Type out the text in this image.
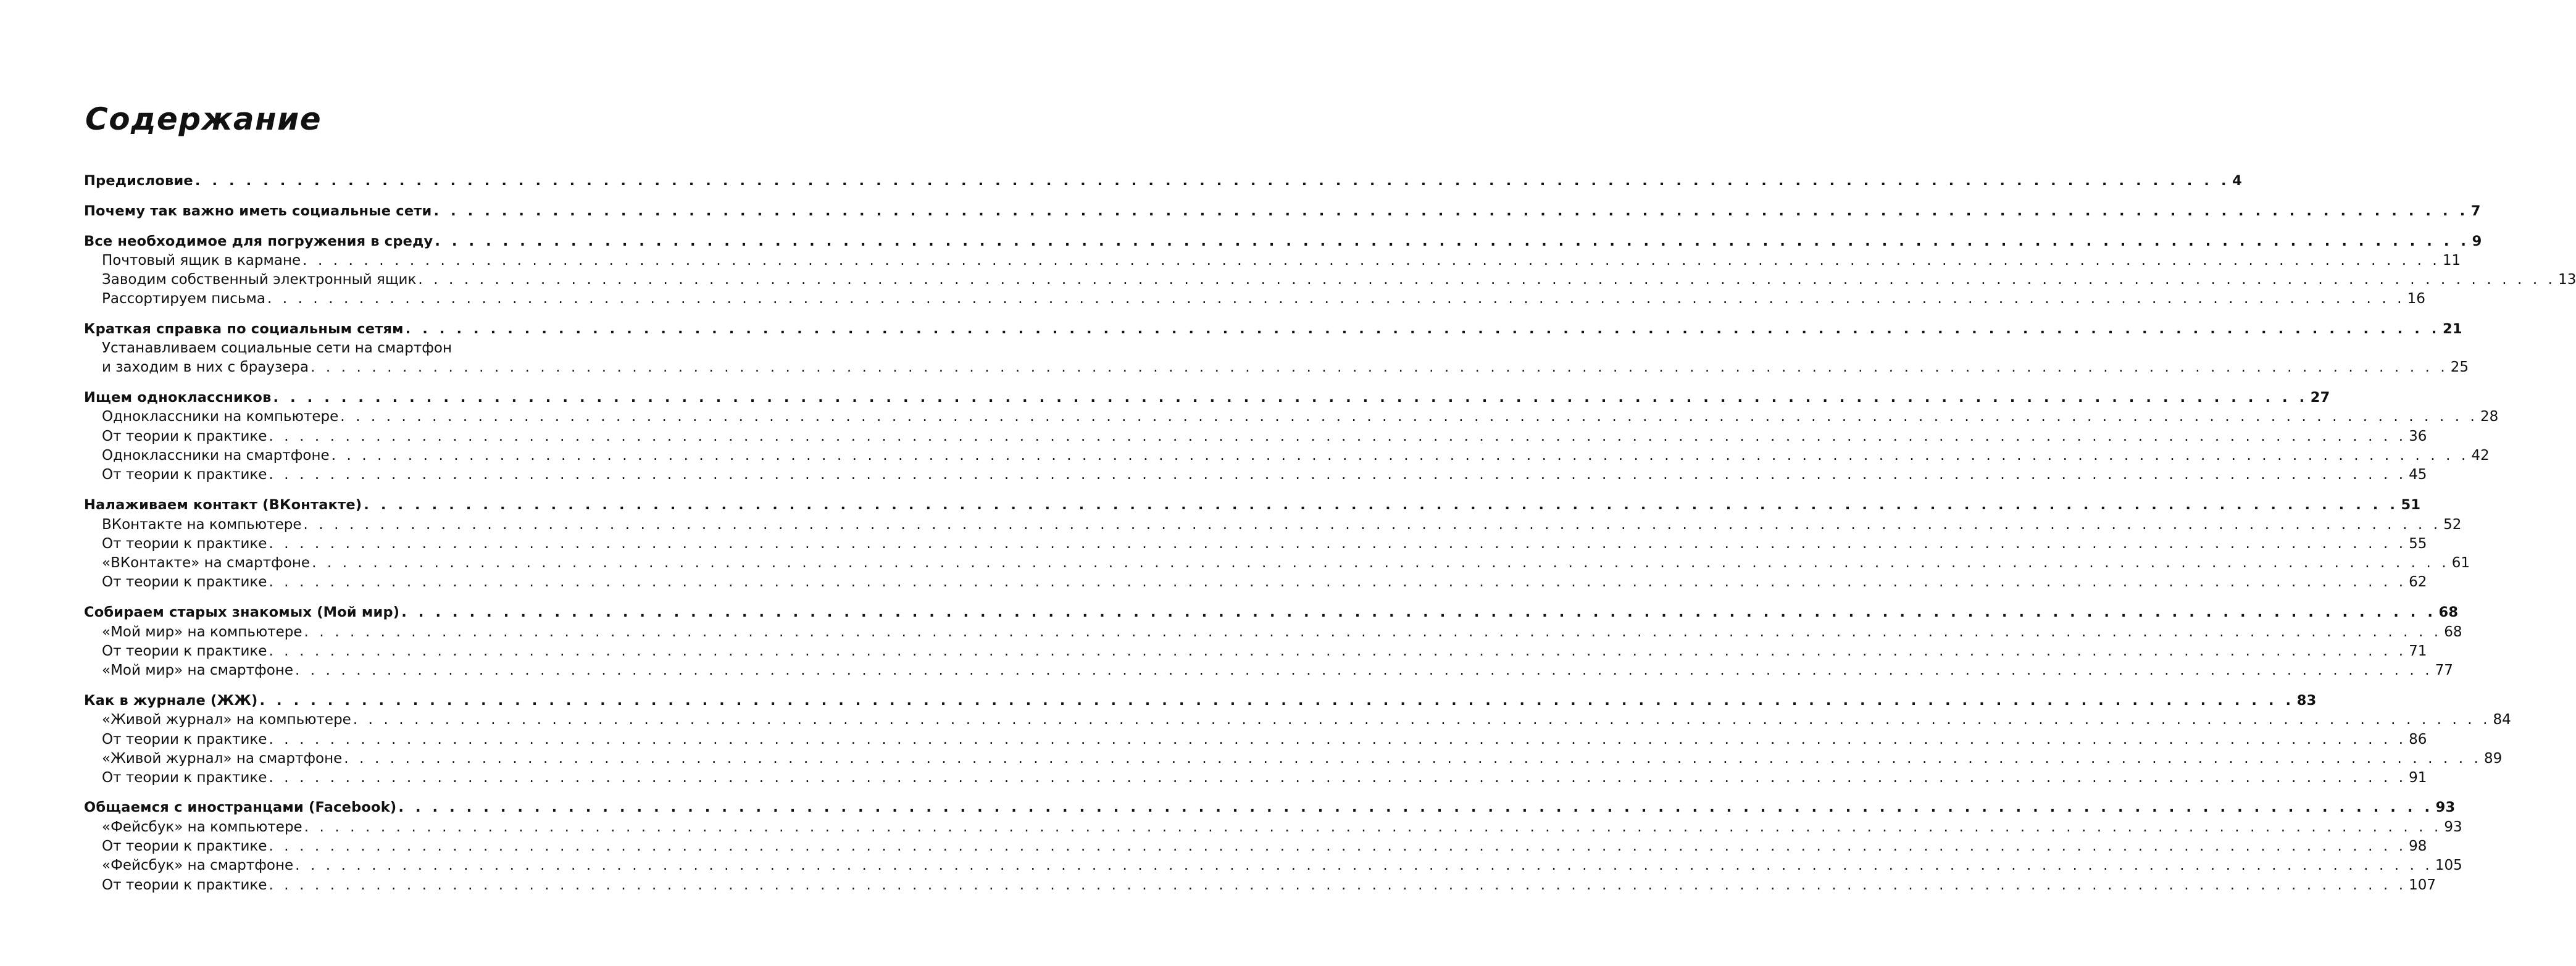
Содержание
Предисловие . . . . . . . . . . . . . . . . . . . . . . . . . . . . . . . . . . . . . . . . . . . . . . . . . . . . . . . . . . . . . . . . . . . . . . . . . . . . . . . . . . . . . . . . . . . . . . . . . . . . . . . . . . . . . . . . . . . . . . . . 4
Почему так важно иметь социальные сети . . . . . . . . . . . . . . . . . . . . . . . . . . . . . . . . . . . . . . . . . . . . . . . . . . . . . . . . . . . . . . . . . . . . . . . . . . . . . . . . . . . . . . . . . . . . . . . . . . . . . . . . . . . . . . . . . . . . . . . . 7
Все необходимое для погружения в среду . . . . . . . . . . . . . . . . . . . . . . . . . . . . . . . . . . . . . . . . . . . . . . . . . . . . . . . . . . . . . . . . . . . . . . . . . . . . . . . . . . . . . . . . . . . . . . . . . . . . . . . . . . . . . . . . . . . . . . . . 9
Почтовый ящик в кармане . . . . . . . . . . . . . . . . . . . . . . . . . . . . . . . . . . . . . . . . . . . . . . . . . . . . . . . . . . . . . . . . . . . . . . . . . . . . . . . . . . . . . . . . . . . . . . . . . . . . . . . . . . . . . . . . . . . . . . . . . . . . . . . . . . . . . . . . . . . . 11
Заводим собственный электронный ящик . . . . . . . . . . . . . . . . . . . . . . . . . . . . . . . . . . . . . . . . . . . . . . . . . . . . . . . . . . . . . . . . . . . . . . . . . . . . . . . . . . . . . . . . . . . . . . . . . . . . . . . . . . . . . . . . . . . . . . . . . . . . . . . . . . . . . . . . . . . . 13
Рассортируем письма . . . . . . . . . . . . . . . . . . . . . . . . . . . . . . . . . . . . . . . . . . . . . . . . . . . . . . . . . . . . . . . . . . . . . . . . . . . . . . . . . . . . . . . . . . . . . . . . . . . . . . . . . . . . . . . . . . . . . . . . . . . . . . . . . . . . . . . . . . . . 16
Краткая справка по социальным сетям . . . . . . . . . . . . . . . . . . . . . . . . . . . . . . . . . . . . . . . . . . . . . . . . . . . . . . . . . . . . . . . . . . . . . . . . . . . . . . . . . . . . . . . . . . . . . . . . . . . . . . . . . . . . . . . . . . . . . . . . 21
Устанавливаем социальные сети на смартфон
и заходим в них с браузера . . . . . . . . . . . . . . . . . . . . . . . . . . . . . . . . . . . . . . . . . . . . . . . . . . . . . . . . . . . . . . . . . . . . . . . . . . . . . . . . . . . . . . . . . . . . . . . . . . . . . . . . . . . . . . . . . . . . . . . . . . . . . . . . . . . . . . . . . . . . 25
Ищем одноклассников . . . . . . . . . . . . . . . . . . . . . . . . . . . . . . . . . . . . . . . . . . . . . . . . . . . . . . . . . . . . . . . . . . . . . . . . . . . . . . . . . . . . . . . . . . . . . . . . . . . . . . . . . . . . . . . . . . . . . . . . 27
Одноклассники на компьютере . . . . . . . . . . . . . . . . . . . . . . . . . . . . . . . . . . . . . . . . . . . . . . . . . . . . . . . . . . . . . . . . . . . . . . . . . . . . . . . . . . . . . . . . . . . . . . . . . . . . . . . . . . . . . . . . . . . . . . . . . . . . . . . . . . . . . . . . . . . . 28
От теории к практике . . . . . . . . . . . . . . . . . . . . . . . . . . . . . . . . . . . . . . . . . . . . . . . . . . . . . . . . . . . . . . . . . . . . . . . . . . . . . . . . . . . . . . . . . . . . . . . . . . . . . . . . . . . . . . . . . . . . . . . . . . . . . . . . . . . . . . . . . . . . 36
Одноклассники на смартфоне . . . . . . . . . . . . . . . . . . . . . . . . . . . . . . . . . . . . . . . . . . . . . . . . . . . . . . . . . . . . . . . . . . . . . . . . . . . . . . . . . . . . . . . . . . . . . . . . . . . . . . . . . . . . . . . . . . . . . . . . . . . . . . . . . . . . . . . . . . . . 42
От теории к практике . . . . . . . . . . . . . . . . . . . . . . . . . . . . . . . . . . . . . . . . . . . . . . . . . . . . . . . . . . . . . . . . . . . . . . . . . . . . . . . . . . . . . . . . . . . . . . . . . . . . . . . . . . . . . . . . . . . . . . . . . . . . . . . . . . . . . . . . . . . . 45
Налаживаем контакт (ВКонтакте) . . . . . . . . . . . . . . . . . . . . . . . . . . . . . . . . . . . . . . . . . . . . . . . . . . . . . . . . . . . . . . . . . . . . . . . . . . . . . . . . . . . . . . . . . . . . . . . . . . . . . . . . . . . . . . . . . . . . . . . . 51
ВКонтакте на компьютере . . . . . . . . . . . . . . . . . . . . . . . . . . . . . . . . . . . . . . . . . . . . . . . . . . . . . . . . . . . . . . . . . . . . . . . . . . . . . . . . . . . . . . . . . . . . . . . . . . . . . . . . . . . . . . . . . . . . . . . . . . . . . . . . . . . . . . . . . . . . 52
От теории к практике . . . . . . . . . . . . . . . . . . . . . . . . . . . . . . . . . . . . . . . . . . . . . . . . . . . . . . . . . . . . . . . . . . . . . . . . . . . . . . . . . . . . . . . . . . . . . . . . . . . . . . . . . . . . . . . . . . . . . . . . . . . . . . . . . . . . . . . . . . . . 55
«ВКонтакте» на смартфоне . . . . . . . . . . . . . . . . . . . . . . . . . . . . . . . . . . . . . . . . . . . . . . . . . . . . . . . . . . . . . . . . . . . . . . . . . . . . . . . . . . . . . . . . . . . . . . . . . . . . . . . . . . . . . . . . . . . . . . . . . . . . . . . . . . . . . . . . . . . . 61
От теории к практике . . . . . . . . . . . . . . . . . . . . . . . . . . . . . . . . . . . . . . . . . . . . . . . . . . . . . . . . . . . . . . . . . . . . . . . . . . . . . . . . . . . . . . . . . . . . . . . . . . . . . . . . . . . . . . . . . . . . . . . . . . . . . . . . . . . . . . . . . . . . 62
Собираем старых знакомых (Мой мир) . . . . . . . . . . . . . . . . . . . . . . . . . . . . . . . . . . . . . . . . . . . . . . . . . . . . . . . . . . . . . . . . . . . . . . . . . . . . . . . . . . . . . . . . . . . . . . . . . . . . . . . . . . . . . . . . . . . . . . . . 68
«Мой мир» на компьютере . . . . . . . . . . . . . . . . . . . . . . . . . . . . . . . . . . . . . . . . . . . . . . . . . . . . . . . . . . . . . . . . . . . . . . . . . . . . . . . . . . . . . . . . . . . . . . . . . . . . . . . . . . . . . . . . . . . . . . . . . . . . . . . . . . . . . . . . . . . . 68
От теории к практике . . . . . . . . . . . . . . . . . . . . . . . . . . . . . . . . . . . . . . . . . . . . . . . . . . . . . . . . . . . . . . . . . . . . . . . . . . . . . . . . . . . . . . . . . . . . . . . . . . . . . . . . . . . . . . . . . . . . . . . . . . . . . . . . . . . . . . . . . . . . 71
«Мой мир» на смартфоне . . . . . . . . . . . . . . . . . . . . . . . . . . . . . . . . . . . . . . . . . . . . . . . . . . . . . . . . . . . . . . . . . . . . . . . . . . . . . . . . . . . . . . . . . . . . . . . . . . . . . . . . . . . . . . . . . . . . . . . . . . . . . . . . . . . . . . . . . . . . 77
Как в журнале (ЖЖ) . . . . . . . . . . . . . . . . . . . . . . . . . . . . . . . . . . . . . . . . . . . . . . . . . . . . . . . . . . . . . . . . . . . . . . . . . . . . . . . . . . . . . . . . . . . . . . . . . . . . . . . . . . . . . . . . . . . . . . . . 83
«Живой журнал» на компьютере . . . . . . . . . . . . . . . . . . . . . . . . . . . . . . . . . . . . . . . . . . . . . . . . . . . . . . . . . . . . . . . . . . . . . . . . . . . . . . . . . . . . . . . . . . . . . . . . . . . . . . . . . . . . . . . . . . . . . . . . . . . . . . . . . . . . . . . . . . . . 84
От теории к практике . . . . . . . . . . . . . . . . . . . . . . . . . . . . . . . . . . . . . . . . . . . . . . . . . . . . . . . . . . . . . . . . . . . . . . . . . . . . . . . . . . . . . . . . . . . . . . . . . . . . . . . . . . . . . . . . . . . . . . . . . . . . . . . . . . . . . . . . . . . . 86
«Живой журнал» на смартфоне . . . . . . . . . . . . . . . . . . . . . . . . . . . . . . . . . . . . . . . . . . . . . . . . . . . . . . . . . . . . . . . . . . . . . . . . . . . . . . . . . . . . . . . . . . . . . . . . . . . . . . . . . . . . . . . . . . . . . . . . . . . . . . . . . . . . . . . . . . . . 89
От теории к практике . . . . . . . . . . . . . . . . . . . . . . . . . . . . . . . . . . . . . . . . . . . . . . . . . . . . . . . . . . . . . . . . . . . . . . . . . . . . . . . . . . . . . . . . . . . . . . . . . . . . . . . . . . . . . . . . . . . . . . . . . . . . . . . . . . . . . . . . . . . . 91
Общаемся с иностранцами (Facebook) . . . . . . . . . . . . . . . . . . . . . . . . . . . . . . . . . . . . . . . . . . . . . . . . . . . . . . . . . . . . . . . . . . . . . . . . . . . . . . . . . . . . . . . . . . . . . . . . . . . . . . . . . . . . . . . . . . . . . . . . 93
«Фейсбук» на компьютере . . . . . . . . . . . . . . . . . . . . . . . . . . . . . . . . . . . . . . . . . . . . . . . . . . . . . . . . . . . . . . . . . . . . . . . . . . . . . . . . . . . . . . . . . . . . . . . . . . . . . . . . . . . . . . . . . . . . . . . . . . . . . . . . . . . . . . . . . . . . 93
От теории к практике . . . . . . . . . . . . . . . . . . . . . . . . . . . . . . . . . . . . . . . . . . . . . . . . . . . . . . . . . . . . . . . . . . . . . . . . . . . . . . . . . . . . . . . . . . . . . . . . . . . . . . . . . . . . . . . . . . . . . . . . . . . . . . . . . . . . . . . . . . . . 98
«Фейсбук» на смартфоне . . . . . . . . . . . . . . . . . . . . . . . . . . . . . . . . . . . . . . . . . . . . . . . . . . . . . . . . . . . . . . . . . . . . . . . . . . . . . . . . . . . . . . . . . . . . . . . . . . . . . . . . . . . . . . . . . . . . . . . . . . . . . . . . . . . . . . . . . . . . 105
От теории к практике . . . . . . . . . . . . . . . . . . . . . . . . . . . . . . . . . . . . . . . . . . . . . . . . . . . . . . . . . . . . . . . . . . . . . . . . . . . . . . . . . . . . . . . . . . . . . . . . . . . . . . . . . . . . . . . . . . . . . . . . . . . . . . . . . . . . . . . . . . . . 107
